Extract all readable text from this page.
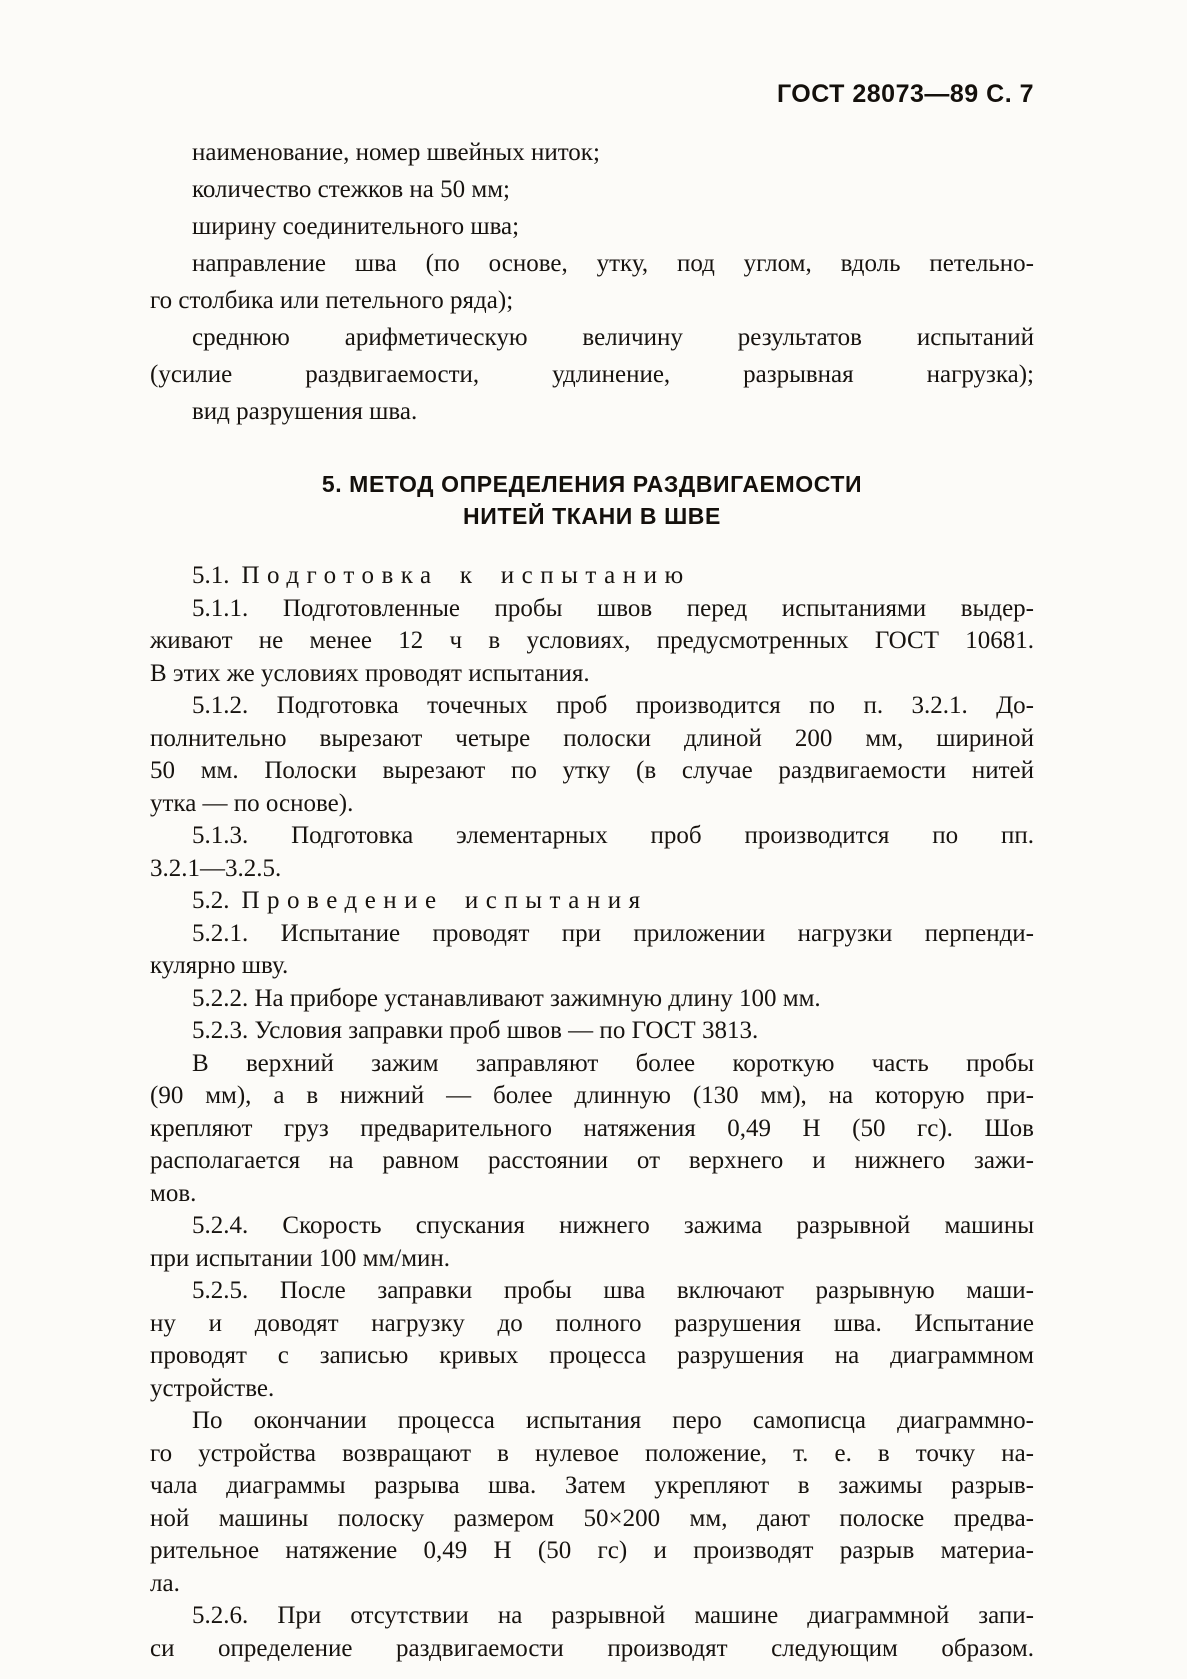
ГОСТ 28073—89 С. 7
наименование, номер швейных ниток;
количество стежков на 50 мм;
ширину соединительного шва;
направление шва (по основе, утку, под углом, вдоль петельно-
го столбика или петельного ряда);
среднюю арифметическую величину результатов испытаний
(усилие раздвигаемости, удлинение, разрывная нагрузка);
вид разрушения шва.
5. МЕТОД ОПРЕДЕЛЕНИЯ РАЗДВИГАЕМОСТИ
НИТЕЙ ТКАНИ В ШВЕ
5.1. Подготовка к испытанию
5.1.1. Подготовленные пробы швов перед испытаниями выдер-
живают не менее 12 ч в условиях, предусмотренных ГОСТ 10681.
В этих же условиях проводят испытания.
5.1.2. Подготовка точечных проб производится по п. 3.2.1. До-
полнительно вырезают четыре полоски длиной 200 мм, шириной
50 мм. Полоски вырезают по утку (в случае раздвигаемости нитей
утка — по основе).
5.1.3. Подготовка элементарных проб производится по пп.
3.2.1—3.2.5.
5.2. Проведение испытания
5.2.1. Испытание проводят при приложении нагрузки перпенди-
кулярно шву.
5.2.2. На приборе устанавливают зажимную длину 100 мм.
5.2.3. Условия заправки проб швов — по ГОСТ 3813.
В верхний зажим заправляют более короткую часть пробы
(90 мм), а в нижний — более длинную (130 мм), на которую при-
крепляют груз предварительного натяжения 0,49 Н (50 гс). Шов
располагается на равном расстоянии от верхнего и нижнего зажи-
мов.
5.2.4. Скорость спускания нижнего зажима разрывной машины
при испытании 100 мм/мин.
5.2.5. После заправки пробы шва включают разрывную маши-
ну и доводят нагрузку до полного разрушения шва. Испытание
проводят с записью кривых процесса разрушения на диаграммном
устройстве.
По окончании процесса испытания перо самописца диаграммно-
го устройства возвращают в нулевое положение, т. е. в точку на-
чала диаграммы разрыва шва. Затем укрепляют в зажимы разрыв-
ной машины полоску размером 50×200 мм, дают полоске предва-
рительное натяжение 0,49 Н (50 гс) и производят разрыв материа-
ла.
5.2.6. При отсутствии на разрывной машине диаграммной запи-
си определение раздвигаемости производят следующим образом.
